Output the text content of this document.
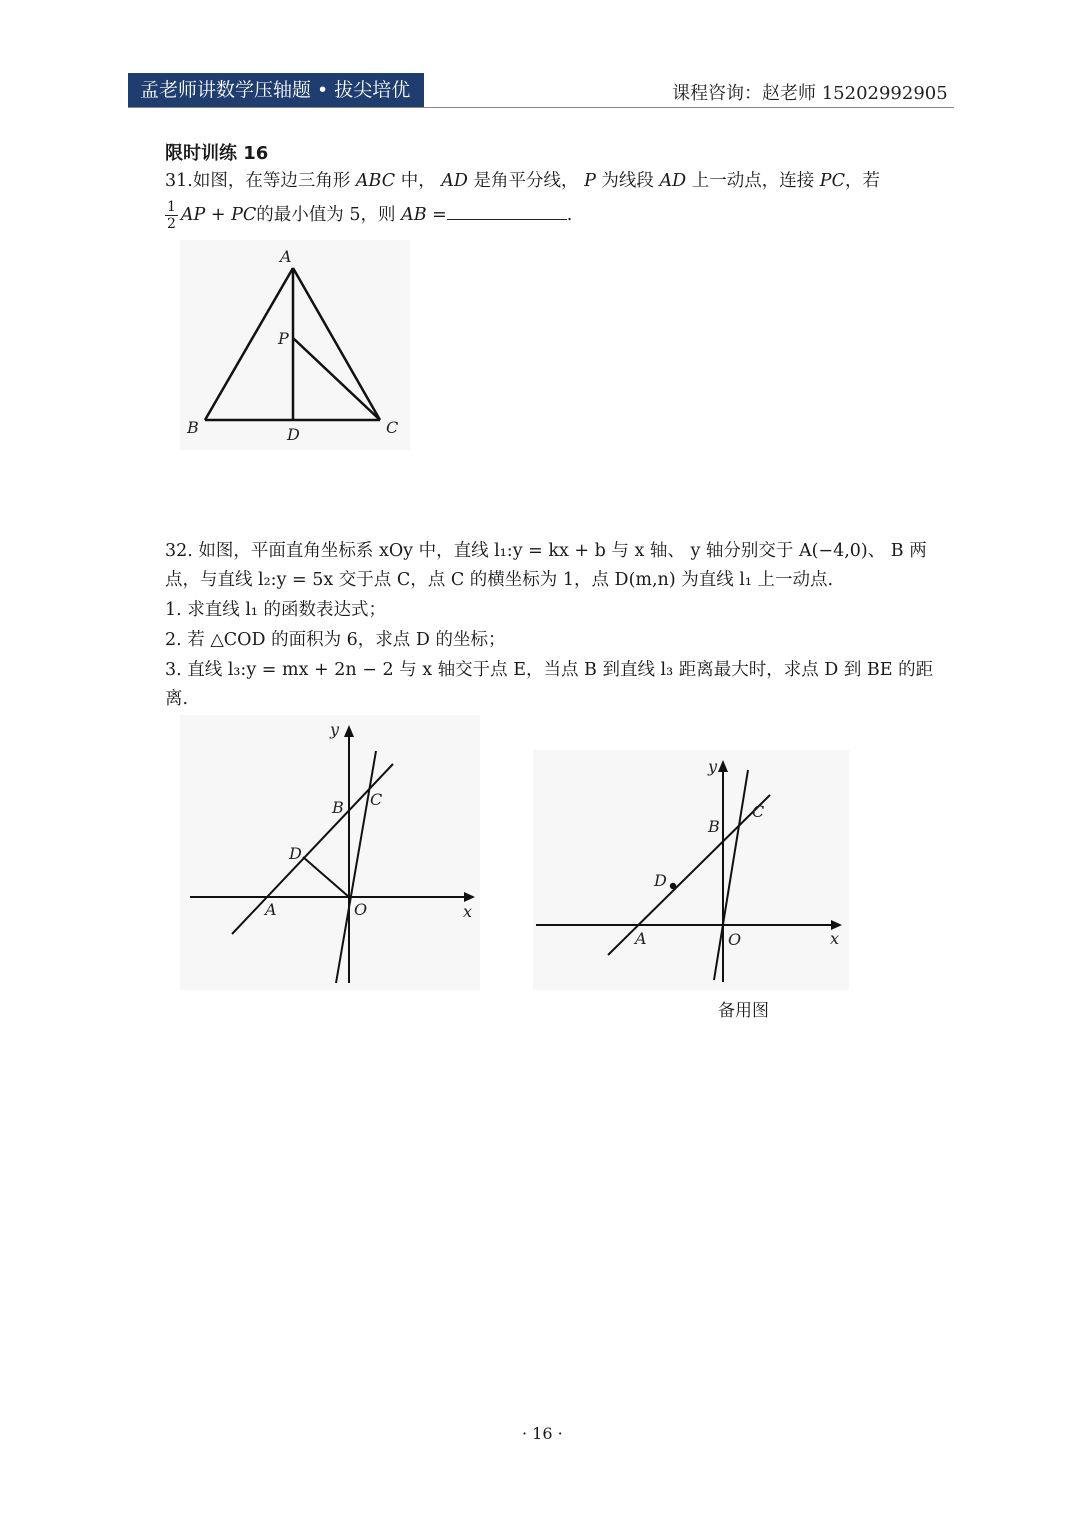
孟老师讲数学压轴题 • 拔尖培优	课程咨询：赵老师 15202992905
限时训练 16
31.如图，在等边三角形 ABC 中， AD 是角平分线， P 为线段 AD 上一动点，连接 PC，若
$\frac{1}{2}$ AP + PC的最小值为 5，则 AB =	.
A
P
B	D	C
32. 如图，平面直角坐标系 xOy 中，直线 l₁:y = kx + b 与 x 轴、 y 轴分别交于 A(−4,0)、 B 两
点，与直线 l₂:y = 5x 交于点 C，点 C 的横坐标为 1，点 D(m,n) 为直线 l₁ 上一动点.
1. 求直线 l₁ 的函数表达式；
2. 若 △COD 的面积为 6，求点 D 的坐标；
3. 直线 l₃:y = mx + 2n − 2 与 x 轴交于点 E，当点 B 到直线 l₃ 距离最大时，求点 D 到 BE 的距
离.
y
x
A	O
B C
D
y
x
A	O
B
C
D
备用图
· 16 ·
